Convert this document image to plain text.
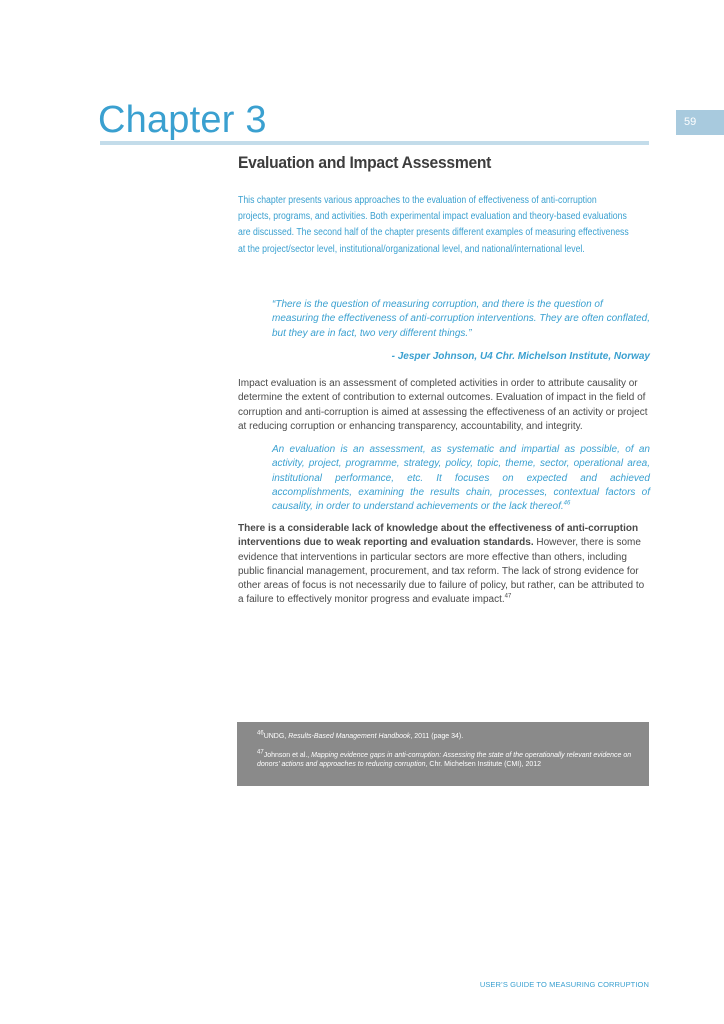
Chapter 3	59
Evaluation and Impact Assessment

This chapter presents various approaches to the evaluation of effectiveness of anti-corruption projects, programs, and activities. Both experimental impact evaluation and theory-based evaluations are discussed. The second half of the chapter presents different examples of measuring effectiveness at the project/sector level, institutional/organizational level, and national/international level.

“There is the question of measuring corruption, and there is the question of measuring the effectiveness of anti-corruption interventions. They are often conflated, but they are in fact, two very different things.”

- Jesper Johnson, U4 Chr. Michelson Institute, Norway

Impact evaluation is an assessment of completed activities in order to attribute causality or determine the extent of contribution to external outcomes. Evaluation of impact in the field of corruption and anti-corruption is aimed at assessing the effectiveness of an activity or project at reducing corruption or enhancing transparency, accountability, and integrity.

An evaluation is an assessment, as systematic and impartial as possible, of an activity, project, programme, strategy, policy, topic, theme, sector, operational area, institutional performance, etc. It focuses on expected and achieved accomplishments, examining the results chain, processes, contextual factors of causality, in order to understand achievements or the lack thereof.$^{46}$

There is a considerable lack of knowledge about the effectiveness of anti-corruption interventions due to weak reporting and evaluation standards. However, there is some evidence that interventions in particular sectors are more effective than others, including public financial management, procurement, and tax reform. The lack of strong evidence for other areas of focus is not necessarily due to failure of policy, but rather, can be attributed to a failure to effectively monitor progress and evaluate impact.$^{47}$

$^{46}$UNDG, Results-Based Management Handbook, 2011 (page 34).

$^{47}$Johnson et al., Mapping evidence gaps in anti-corruption: Assessing the state of the operationally relevant evidence on donors’ actions and approaches to reducing corruption, Chr. Michelsen Institute (CMI), 2012

USER’S GUIDE TO MEASURING CORRUPTION
